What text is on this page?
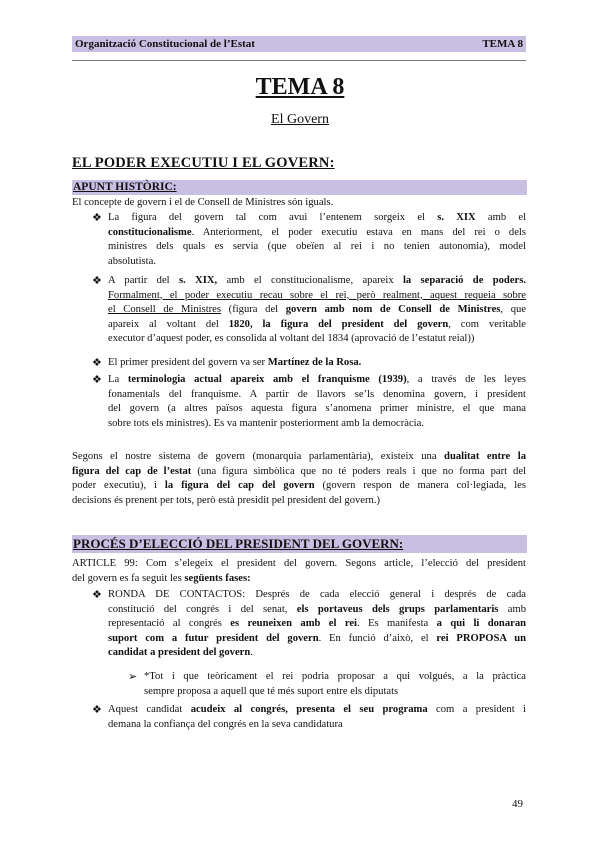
Organització Constitucional de l’Estat	TEMA 8
TEMA 8
El Govern
EL PODER EXECUTIU I EL GOVERN:
APUNT HISTÒRIC:
El concepte de govern i el de Consell de Ministres són iguals.
❖ La figura del govern tal com avui l’entenem sorgeix el s. XIX amb el
constitucionalisme. Anteriorment, el poder executiu estava en mans del rei o dels
ministres dels quals es servia (que obeïen al rei i no tenien autonomia), model
absolutista.
❖ A partir del s. XIX, amb el constitucionalisme, apareix la separació de poders.
Formalment, el poder executiu recau sobre el rei, però realment, aquest requeia sobre
el Consell de Ministres (figura del govern amb nom de Consell de Ministres, que
apareix al voltant del 1820, la figura del president del govern, com veritable
executor d’aquest poder, es consolida al voltant del 1834 (aprovació de l’estatut reial))
❖ El primer president del govern va ser Martínez de la Rosa.
❖ La terminologia actual apareix amb el franquisme (1939), a través de les leyes
fonamentals del franquisme. A partir de llavors se’ls denomina govern, i president
del govern (a altres països aquesta figura s’anomena primer ministre, el que mana
sobre tots els ministres). Es va mantenir posteriorment amb la democràcia.
Segons el nostre sistema de govern (monarquia parlamentària), existeix una dualitat entre la
figura del cap de l’estat (una figura simbòlica que no té poders reals i que no forma part del
poder executiu), i la figura del cap del govern (govern respon de manera col·legiada, les
decisions és prenent per tots, però està presidit pel president del govern.)
PROCÉS D’ELECCIÓ DEL PRESIDENT DEL GOVERN:
ARTICLE 99: Com s’elegeix el president del govern. Segons article, l’elecció del president
del govern es fa seguit les següents fases:
❖ RONDA DE CONTACTOS: Després de cada elecció general i després de cada
constitució del congrés i del senat, els portaveus dels grups parlamentaris amb
representació al congrés es reuneixen amb el rei. Es manifesta a qui li donaran
suport com a futur president del govern. En funció d’això, el rei PROPOSA un
candidat a president del govern.
➢ *Tot i que teòricament el rei podria proposar a qui volgués, a la pràctica
sempre proposa a aquell que té més suport entre els diputats
❖ Aquest candidat acudeix al congrés, presenta el seu programa com a president i
demana la confiança del congrés en la seva candidatura
49
